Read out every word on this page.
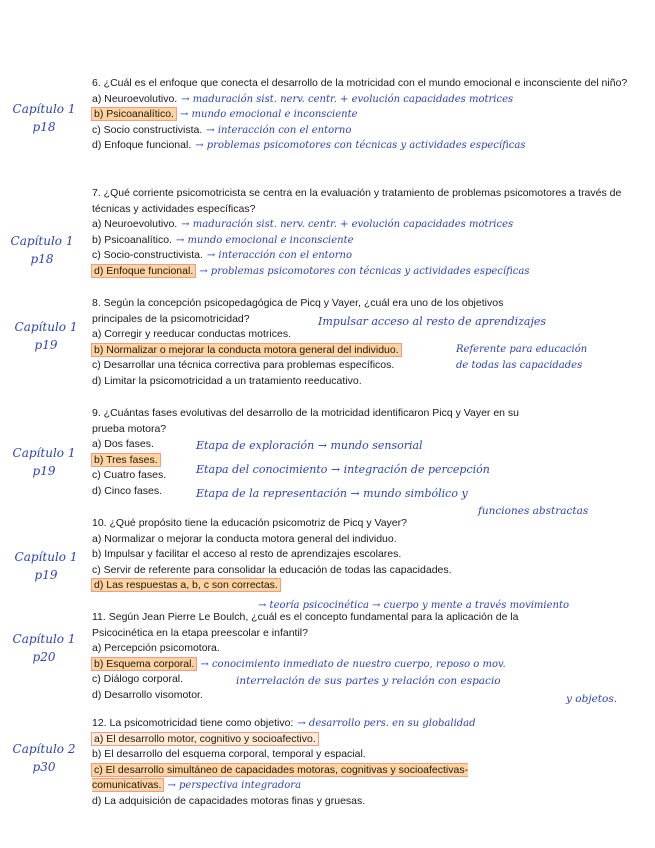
Capítulo 1
p18
Capítulo 1
p18
Capítulo 1
p19
Capítulo 1
p19
Capítulo 1
p19
Capítulo 1
p20
Capítulo 2
p30
6. ¿Cuál es el enfoque que conecta el desarrollo de la motricidad con el mundo emocional e inconsciente del niño?
a) Neuroevolutivo. → maduración sist. nerv. centr. + evolución capacidades motrices
b) Psicoanalítico. → mundo emocional e inconsciente
c) Socio constructivista. → interacción con el entorno
d) Enfoque funcional. → problemas psicomotores con técnicas y actividades específicas
7. ¿Qué corriente psicomotricista se centra en la evaluación y tratamiento de problemas psicomotores a través de técnicas y actividades específicas?
a) Neuroevolutivo. → maduración sist. nerv. centr. + evolución capacidades motrices
b) Psicoanalítico. → mundo emocional e inconsciente
c) Socio-constructivista. → interacción con el entorno
d) Enfoque funcional. → problemas psicomotores con técnicas y actividades específicas
8. Según la concepción psicopedagógica de Picq y Vayer, ¿cuál era uno de los objetivos principales de la psicomotricidad?
a) Corregir y reeducar conductas motrices.
b) Normalizar o mejorar la conducta motora general del individuo.
c) Desarrollar una técnica correctiva para problemas específicos.
d) Limitar la psicomotricidad a un tratamiento reeducativo.
Impulsar acceso al resto de aprendizajes
Referente para educación
de todas las capacidades
9. ¿Cuántas fases evolutivas del desarrollo de la motricidad identificaron Picq y Vayer en su prueba motora?
a) Dos fases.
b) Tres fases.
c) Cuatro fases.
d) Cinco fases.
Etapa de exploración → mundo sensorial
Etapa del conocimiento → integración de percepción
Etapa de la representación → mundo simbólico y
funciones abstractas
10. ¿Qué propósito tiene la educación psicomotriz de Picq y Vayer?
a) Normalizar o mejorar la conducta motora general del individuo.
b) Impulsar y facilitar el acceso al resto de aprendizajes escolares.
c) Servir de referente para consolidar la educación de todas las capacidades.
d) Las respuestas a, b, c son correctas.
→ teoría psicocinética → cuerpo y mente a través movimiento
11. Según Jean Pierre Le Boulch, ¿cuál es el concepto fundamental para la aplicación de la Psicocinética en la etapa preescolar e infantil?
a) Percepción psicomotora.
b) Esquema corporal. → conocimiento inmediato de nuestro cuerpo, reposo o mov.
c) Diálogo corporal.
d) Desarrollo visomotor.
interrelación de sus partes y relación con espacio
y objetos.
12. La psicomotricidad tiene como objetivo: → desarrollo pers. en su globalidad
a) El desarrollo motor, cognitivo y socioafectivo.
b) El desarrollo del esquema corporal, temporal y espacial.
c) El desarrollo simultáneo de capacidades motoras, cognitivas y socioafectivas-comunicativas. → perspectiva integradora
d) La adquisición de capacidades motoras finas y gruesas.
